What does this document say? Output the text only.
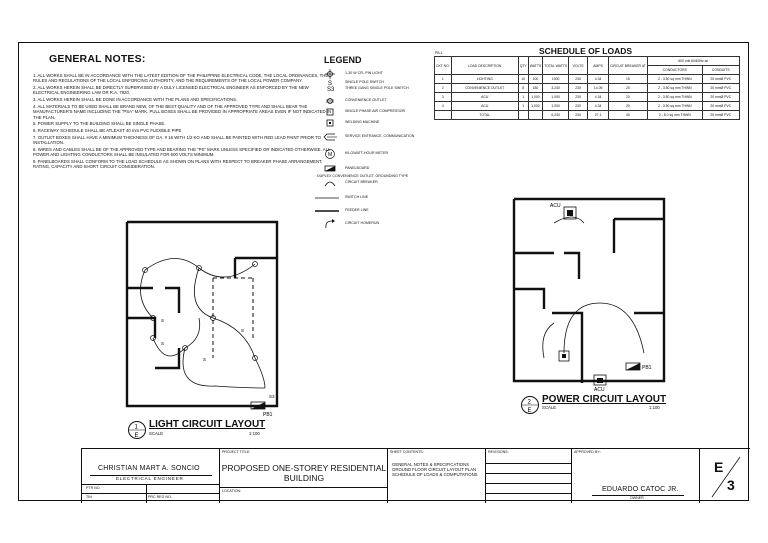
GENERAL NOTES:
1. ALL WORKS SHALL BE IN ACCORDANCE WITH THE LATEST EDITION OF THE PHILIPPINE ELECTRICAL CODE, THE LOCAL ORDINANCES, THE RULES AND REGULATIONS OF THE LOCAL ENFORCING AUTHORITY, AND THE REQUIREMENTS OF THE LOCAL POWER COMPANY.
2. ALL WORKS HEREIN SHALL BE DIRECTLY SUPERVISED BY A DULY LICENSED ELECTRICAL ENGINEER AS ENFORCED BY THE NEW ELECTRICAL ENGINEERING LAW OR R.A. 7920.
3. ALL WORKS HEREIN SHALL BE DONE IN ACCORDANCE WITH THE PLANS AND SPECIFICATIONS.
4. ALL MATERIALS TO BE USED SHALL BE BRAND NEW, OF THE BEST QUALITY AND OF THE APPROVED TYPE AND SHALL BEAR THE MANUFACTURER'S NAME INCLUDING THE "PSA" MARK. PULL BOXES SHALL BE PROVIDED IN APPROPRIATE AREAS EVEN IF NOT INDICATED IN THE PLAN.
5. POWER SUPPLY TO THE BUILDING SHALL BE SINGLE PHASE.
6. RACEWAY SCHEDULE SHALL BE ATLEAST 40 mm PVC FLEXIBLE PIPE
7. OUTLET BOXES SHALL HAVE A MINIMUM THICKNESS OF GA. # 16 WITH 1/2 KO AND SHALL BE PAINTED WITH RED LEAD PAINT PRIOR TO INSTALLATION.
8. WIRES AND CABLES SHALL BE OF THE APPROVED TYPE AND BEARING THE "PS" MARK UNLESS SPECIFIED OR INDICATED OTHERWISE. ALL POWER AND LIGHTING CONDUCTORS SHALL BE INSULATED FOR 600 VOLTS MINIMUM.
9. PANELBOARDS SHALL CONFORM TO THE LOAD SCHEDULE AS SHOWN ON PLANS WITH RESPECT TO BREAKER PHASE ARRANGEMENT, RATING, CAPACITY AND SHORT CIRCUIT CONSIDERATION.
LEGEND
1-30 W CFL PIN LIGHT
S	SINGLE POLE SWITCH
S3	THREE GANG SINGLE POLE SWITCH
CONVENIENCE OUTLET
SINGLE PHASE AIR COMPRESSOR
WELDING MACHINE
SERVICE ENTRANCE, COMMUNICATION
M	KILOWATT-HOUR METER
PANELBOARD
DUPLEX CONVENIENCE OUTLET, GROUNDING TYPE
CIRCUIT BREAKER
SWITCH LINE
FEEDER LINE
CIRCUIT HOMERUN
SCHEDULE OF LOADS
PB-1
CKT NO.	LOAD DESCRIPTION	QTY	WATTS	TOTAL WATTS	VOLTS	AMPS	CIRCUIT BREAKER AT	600 volt 60/60Hz ac	
								CONDUCTORS	CONDUITS
1	LIGHTING	10	100	1000	230	4.34	15	2 - 3.50 sq mm THWN	20 mmØ PVC
2	CONVENIENCE OUTLET	8	180	3,240	230	14.09	20	2 - 3.50 sq mm THWN	20 mmØ PVC
3	ACU	1	1,000	1,000	230	4.34	20	2 - 3.50 sq mm THWN	20 mmØ PVC
4	ACU	1	1,000	1,000	230	4.34	20	2 - 3.50 sq mm THWN	20 mmØ PVC
	TOTAL			6,240	230	27.1	40	2 - 8.0 sq mm THWN	25 mmØ PVC
S
S
S
S
S3
PB1
1
E
LIGHT CIRCUIT LAYOUT
SCALE	1:100
ACU
ACU
PB1
2
E
POWER CIRCUIT LAYOUT
SCALE	1:100
CHRISTIAN MART A. SONCIO
ELECTRICAL ENGINEER
PTR NO.
TIN	PRC REG NO.
PROJECT TITLE:
PROPOSED ONE-STOREY RESIDENTIAL BUILDING
LOCATION:
SHEET CONTENTS:
GENERAL NOTES & SPECIFICATIONS
GROUND FLOOR CIRCUIT LAYOUT PLAN
SCHEDULE OF LOADS & COMPUTATIONS
REVISIONS:	APPROVED BY:
EDUARDO CATOC JR.
OWNER
E
3
